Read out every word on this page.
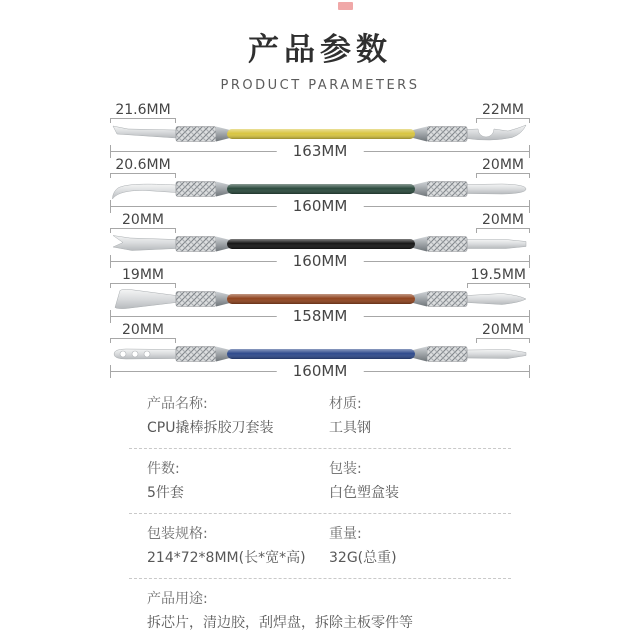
产品参数
PRODUCT PARAMETERS
21.6MM	22MM
163MM
20.6MM	20MM
160MM
20MM	20MM
160MM
19MM	19.5MM
158MM
20MM	20MM
160MM
产品名称:
CPU撬棒拆胶刀套装
材质:
工具钢
件数:
5件套
包装:
白色塑盒装
包装规格:
214*72*8MM(长*宽*高)
重量:
32G(总重)
产品用途:
拆芯片，清边胶，刮焊盘，拆除主板零件等
